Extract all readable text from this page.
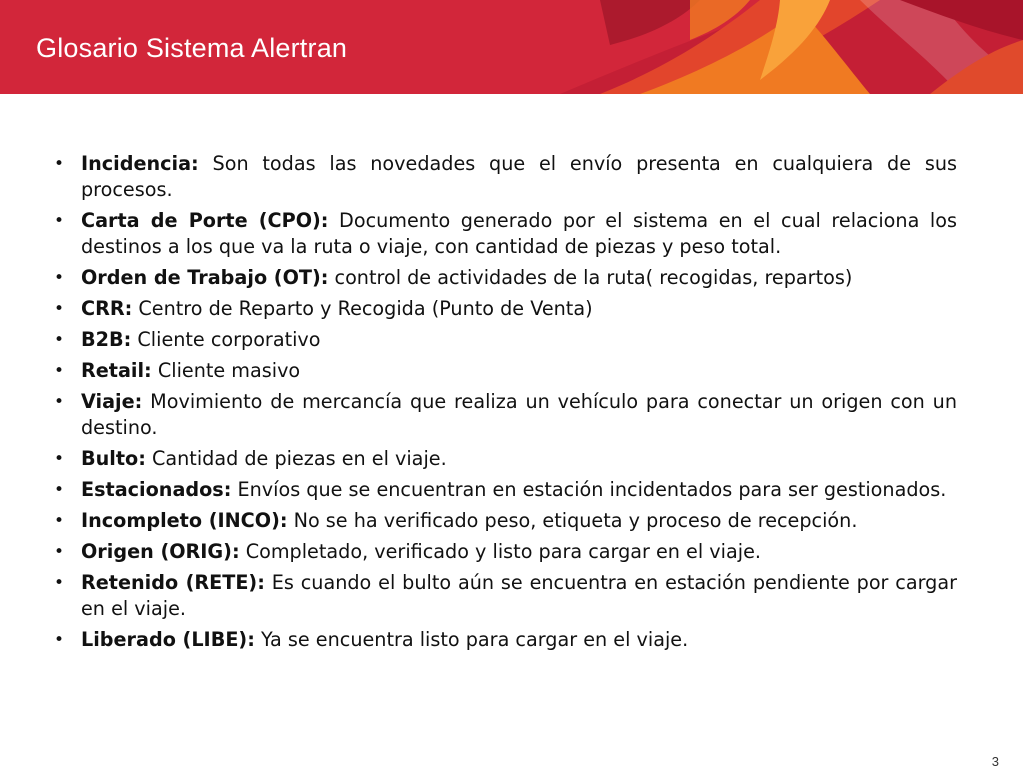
Glosario Sistema Alertran
• Incidencia: Son todas las novedades que el envío presenta en cualquiera de sus procesos.
• Carta de Porte (CPO): Documento generado por el sistema en el cual relaciona los destinos a los que va la ruta o viaje, con cantidad de piezas y peso total.
• Orden de Trabajo (OT): control de actividades de la ruta( recogidas, repartos)
• CRR: Centro de Reparto y Recogida (Punto de Venta)
• B2B: Cliente corporativo
• Retail: Cliente masivo
• Viaje: Movimiento de mercancía que realiza un vehículo para conectar un origen con un destino.
• Bulto: Cantidad de piezas en el viaje.
• Estacionados: Envíos que se encuentran en estación incidentados para ser gestionados.
• Incompleto (INCO): No se ha verificado peso, etiqueta y proceso de recepción.
• Origen (ORIG): Completado, verificado y listo para cargar en el viaje.
• Retenido (RETE): Es cuando el bulto aún se encuentra en estación pendiente por cargar en el viaje.
• Liberado (LIBE): Ya se encuentra listo para cargar en el viaje.
3
